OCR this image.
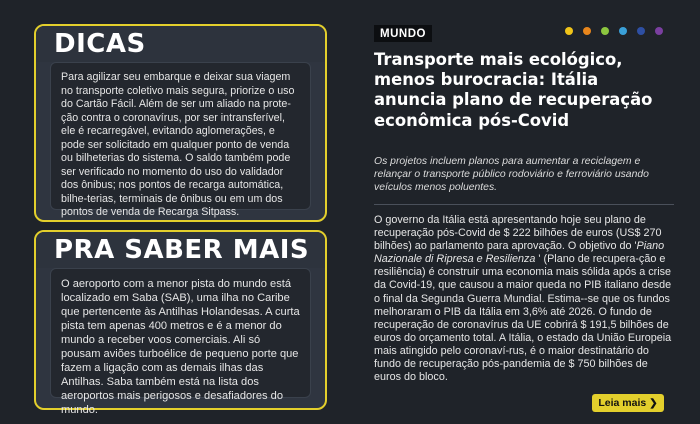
DICAS
Para agilizar seu embarque e deixar sua viagem no transporte coletivo mais segura, priorize o uso do Cartão Fácil. Além de ser um aliado na prote-ção contra o coronavírus, por ser intransferível, ele é recarregável, evitando aglomerações, e pode ser solicitado em qualquer ponto de venda ou bilheterias do sistema. O saldo também pode ser verificado no momento do uso do validador dos ônibus; nos pontos de recarga automática, bilhe-terias, terminais de ônibus ou em um dos pontos de venda de Recarga Sitpass.
PRA SABER MAIS
O aeroporto com a menor pista do mundo está localizado em Saba (SAB), uma ilha no Caribe que pertencente às Antilhas Holandesas. A curta pista tem apenas 400 metros e é a menor do mundo a receber voos comerciais. Ali só pousam aviões turboélice de pequeno porte que fazem a ligação com as demais ilhas das Antilhas. Saba também está na lista dos aeroportos mais perigosos e desafiadores do mundo.
MUNDO
Transporte mais ecológico, menos burocracia: Itália anuncia plano de recuperação econômica pós-Covid

Os projetos incluem planos para aumentar a reciclagem e relançar o transporte público rodoviário e ferroviário usando veículos menos poluentes.

O governo da Itália está apresentando hoje seu plano de recuperação pós-Covid de $ 222 bilhões de euros (US$ 270 bilhões) ao parlamento para aprovação. O objetivo do 'Piano Nazionale di Ripresa e Resilienza ' (Plano de recupera-ção e resiliência) é construir uma economia mais sólida após a crise da Covid-19, que causou a maior queda no PIB italiano desde o final da Segunda Guerra Mundial. Estima--se que os fundos melhoraram o PIB da Itália em 3,6% até 2026. O fundo de recuperação de coronavírus da UE cobrirá $ 191,5 bilhões de euros do orçamento total. A Itália, o estado da União Europeia mais atingido pelo coronaví-rus, é o maior destinatário do fundo de recuperação pós-pandemia de $ 750 bilhões de euros do bloco.

Leia mais ❯
